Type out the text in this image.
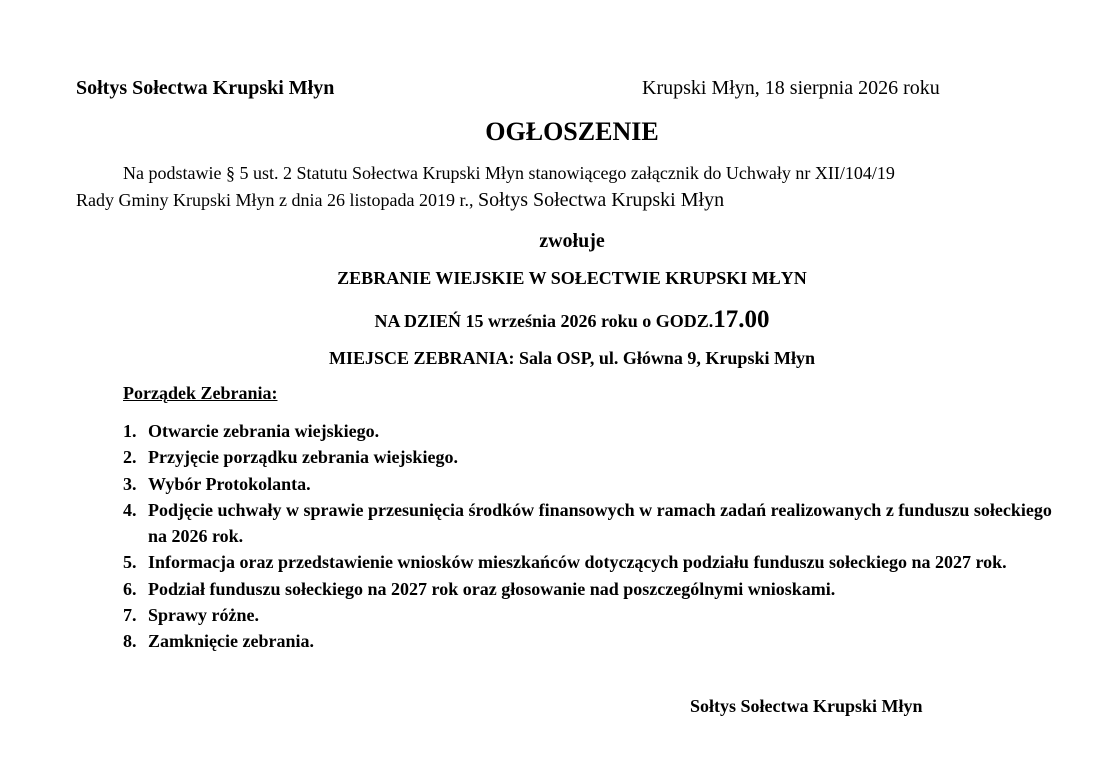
Sołtys Sołectwa Krupski Młyn	Krupski Młyn, 18 sierpnia 2026 roku
OGŁOSZENIE
Na podstawie § 5 ust. 2 Statutu Sołectwa Krupski Młyn stanowiącego załącznik do Uchwały nr XII/104/19
Rady Gminy Krupski Młyn z dnia 26 listopada 2019 r., Sołtys Sołectwa Krupski Młyn
zwołuje
ZEBRANIE WIEJSKIE W SOŁECTWIE KRUPSKI MŁYN
NA DZIEŃ 15 września 2026 roku o GODZ.17.00
MIEJSCE ZEBRANIA: Sala OSP, ul. Główna 9, Krupski Młyn
Porządek Zebrania:
1. Otwarcie zebrania wiejskiego.
2. Przyjęcie porządku zebrania wiejskiego.
3. Wybór Protokolanta.
4. Podjęcie uchwały w sprawie przesunięcia środków finansowych w ramach zadań realizowanych z funduszu sołeckiego na 2026 rok.
5. Informacja oraz przedstawienie wniosków mieszkańców dotyczących podziału funduszu sołeckiego na 2027 rok.
6. Podział funduszu sołeckiego na 2027 rok oraz głosowanie nad poszczególnymi wnioskami.
7. Sprawy różne.
8. Zamknięcie zebrania.
Sołtys Sołectwa Krupski Młyn
